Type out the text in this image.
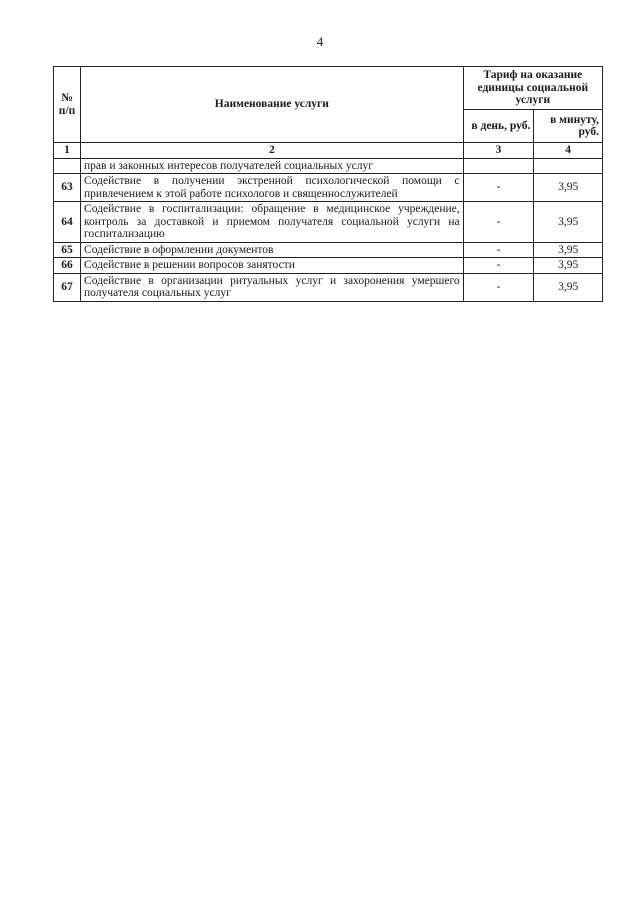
4
№
п/п	Наименование услуги	Тариф на оказание единицы социальной услуги	
		в день, руб.	в минуту, руб.
1	2	3	4
	прав и законных интересов получателей социальных услуг		
63	Содействие в получении экстренной психологической помощи с привлечением к этой работе психологов и священнослужителей	-	3,95
64	Содействие в госпитализации: обращение в медицинское учреждение, контроль за доставкой и приемом получателя социальной услуги на госпитализацию	-	3,95
65	Содействие в оформлении документов	-	3,95
66	Содействие в решении вопросов занятости	-	3,95
67	Содействие в организации ритуальных услуг и захоронения умершего получателя социальных услуг	-	3,95
